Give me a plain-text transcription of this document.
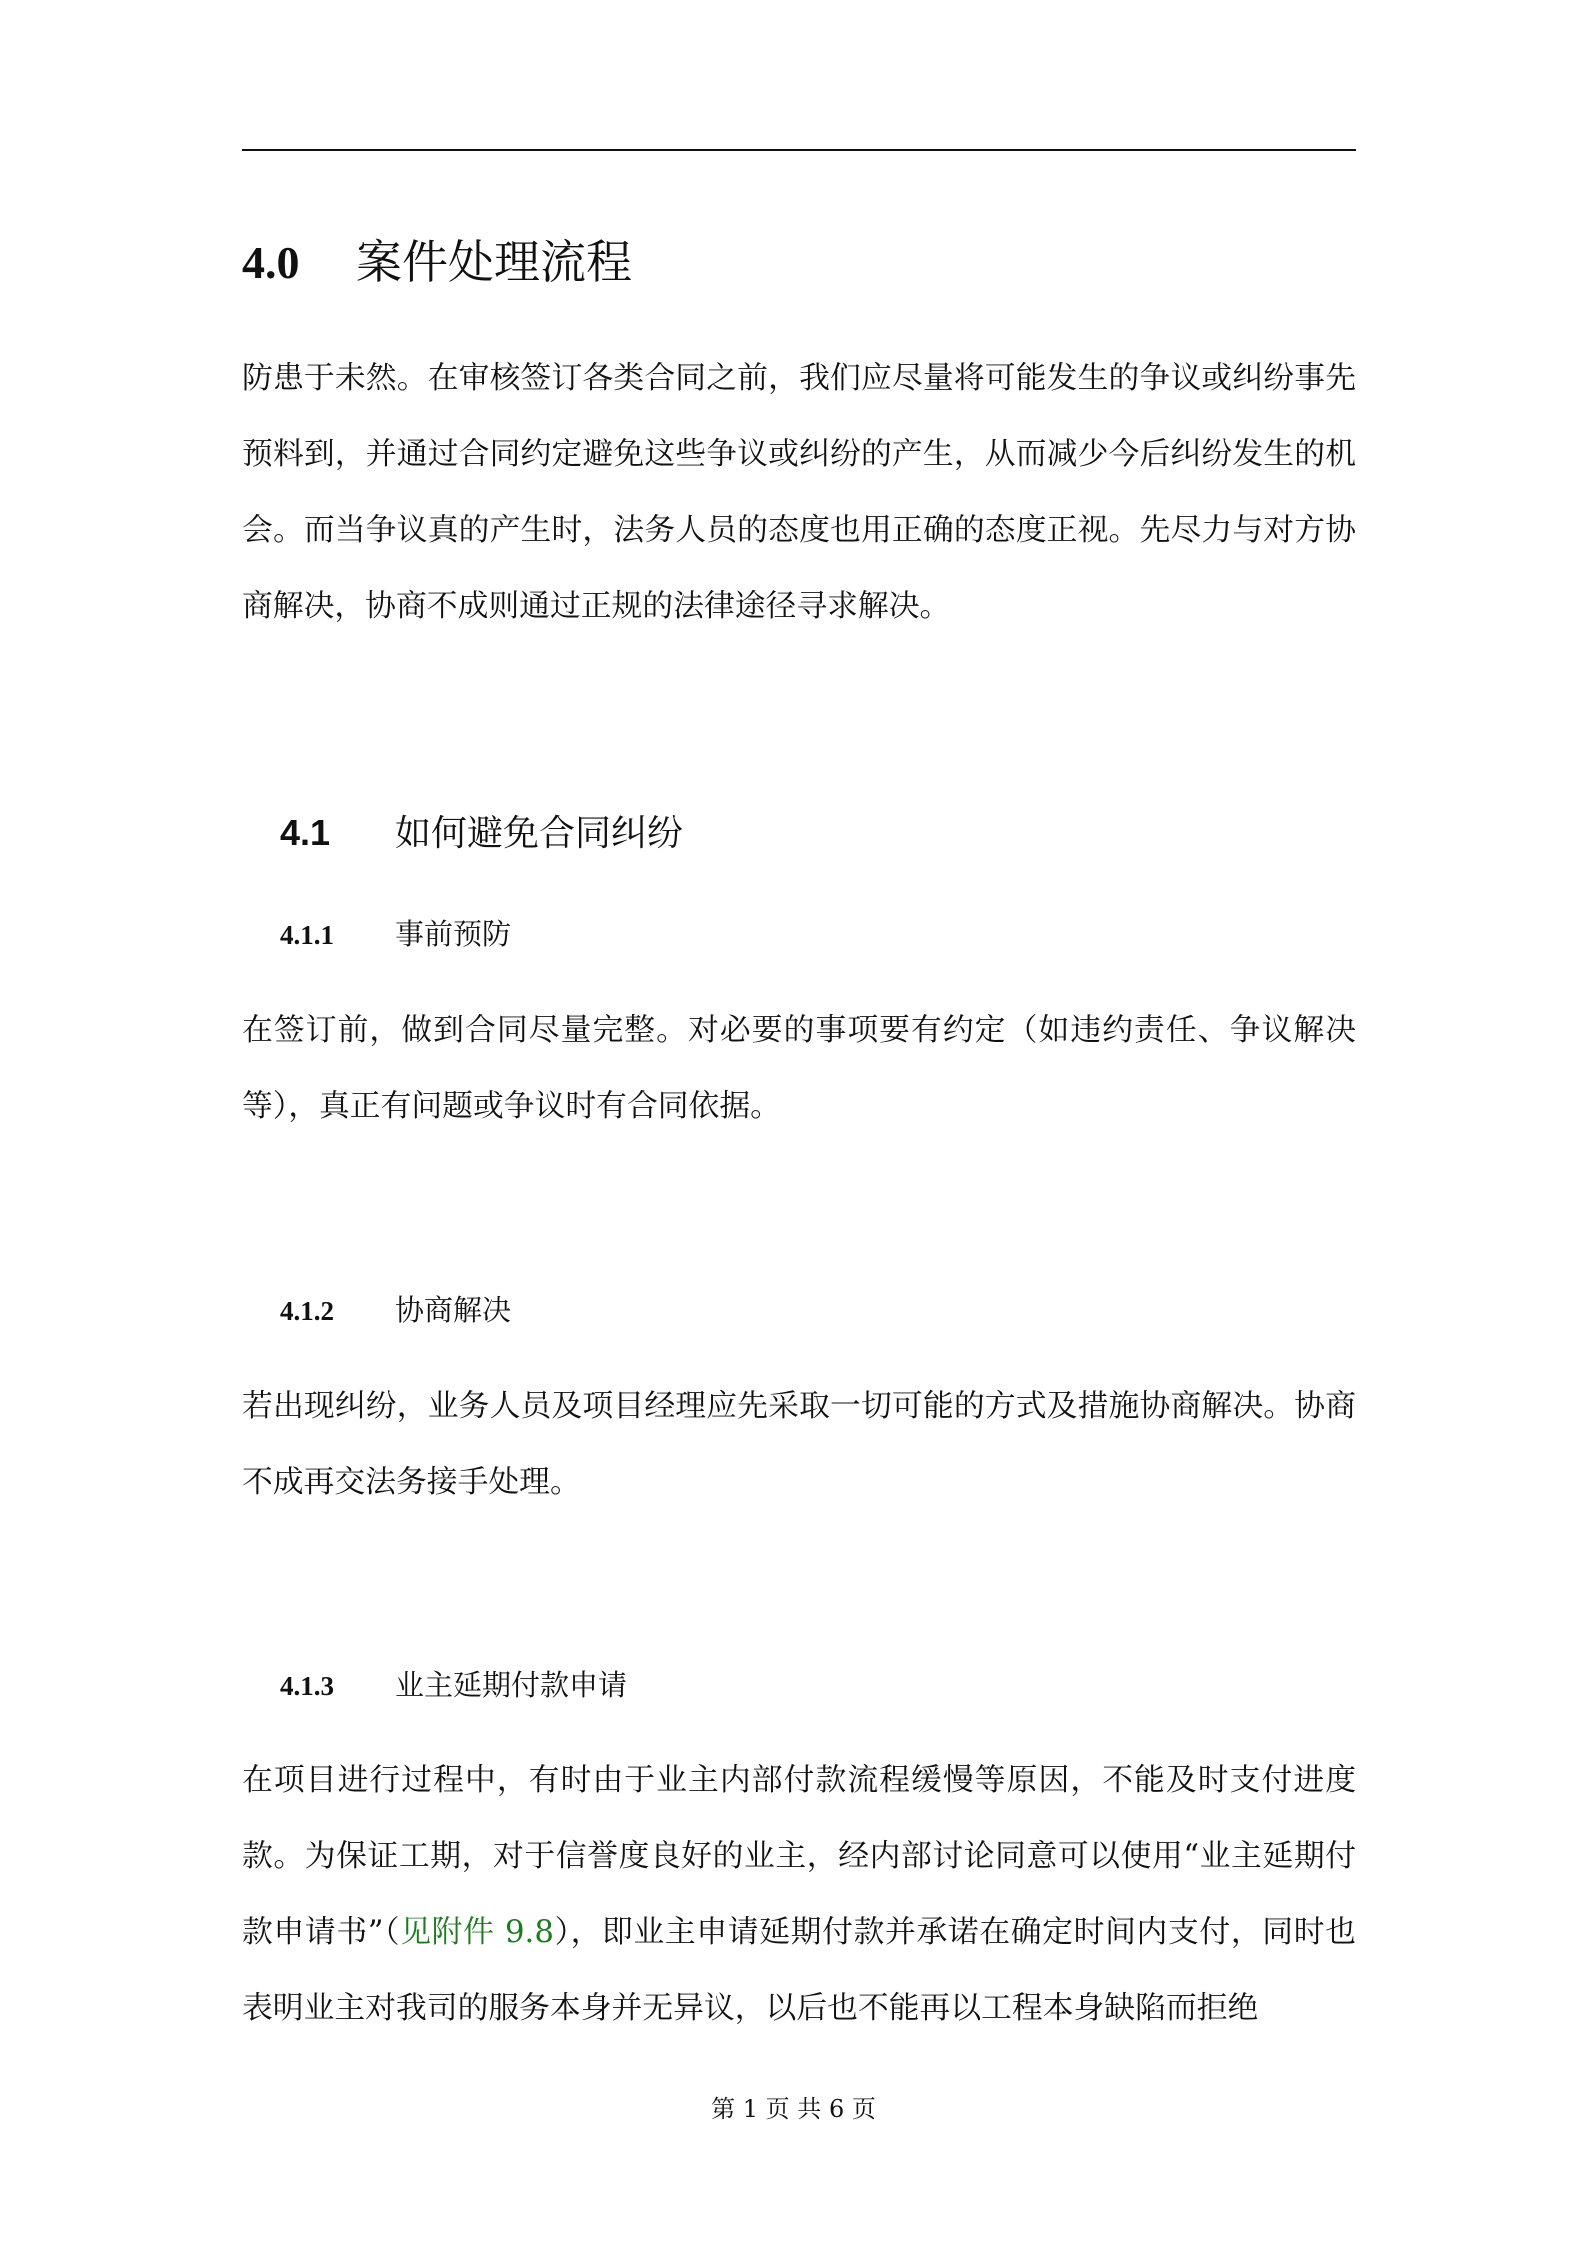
4.0 案件处理流程
防患于未然。在审核签订各类合同之前，我们应尽量将可能发生的争议或纠纷事先预料到，并通过合同约定避免这些争议或纠纷的产生，从而减少今后纠纷发生的机会。而当争议真的产生时，法务人员的态度也用正确的态度正视。先尽力与对方协商解决，协商不成则通过正规的法律途径寻求解决。
4.1 如何避免合同纠纷
4.1.1 事前预防
在签订前，做到合同尽量完整。对必要的事项要有约定（如违约责任、争议解决等），真正有问题或争议时有合同依据。
4.1.2 协商解决
若出现纠纷，业务人员及项目经理应先采取一切可能的方式及措施协商解决。协商不成再交法务接手处理。
4.1.3 业主延期付款申请
在项目进行过程中，有时由于业主内部付款流程缓慢等原因，不能及时支付进度款。为保证工期，对于信誉度良好的业主，经内部讨论同意可以使用“业主延期付款申请书”（见附件 9.8），即业主申请延期付款并承诺在确定时间内支付，同时也表明业主对我司的服务本身并无异议，以后也不能再以工程本身缺陷而拒绝
第 1 页 共 6 页
